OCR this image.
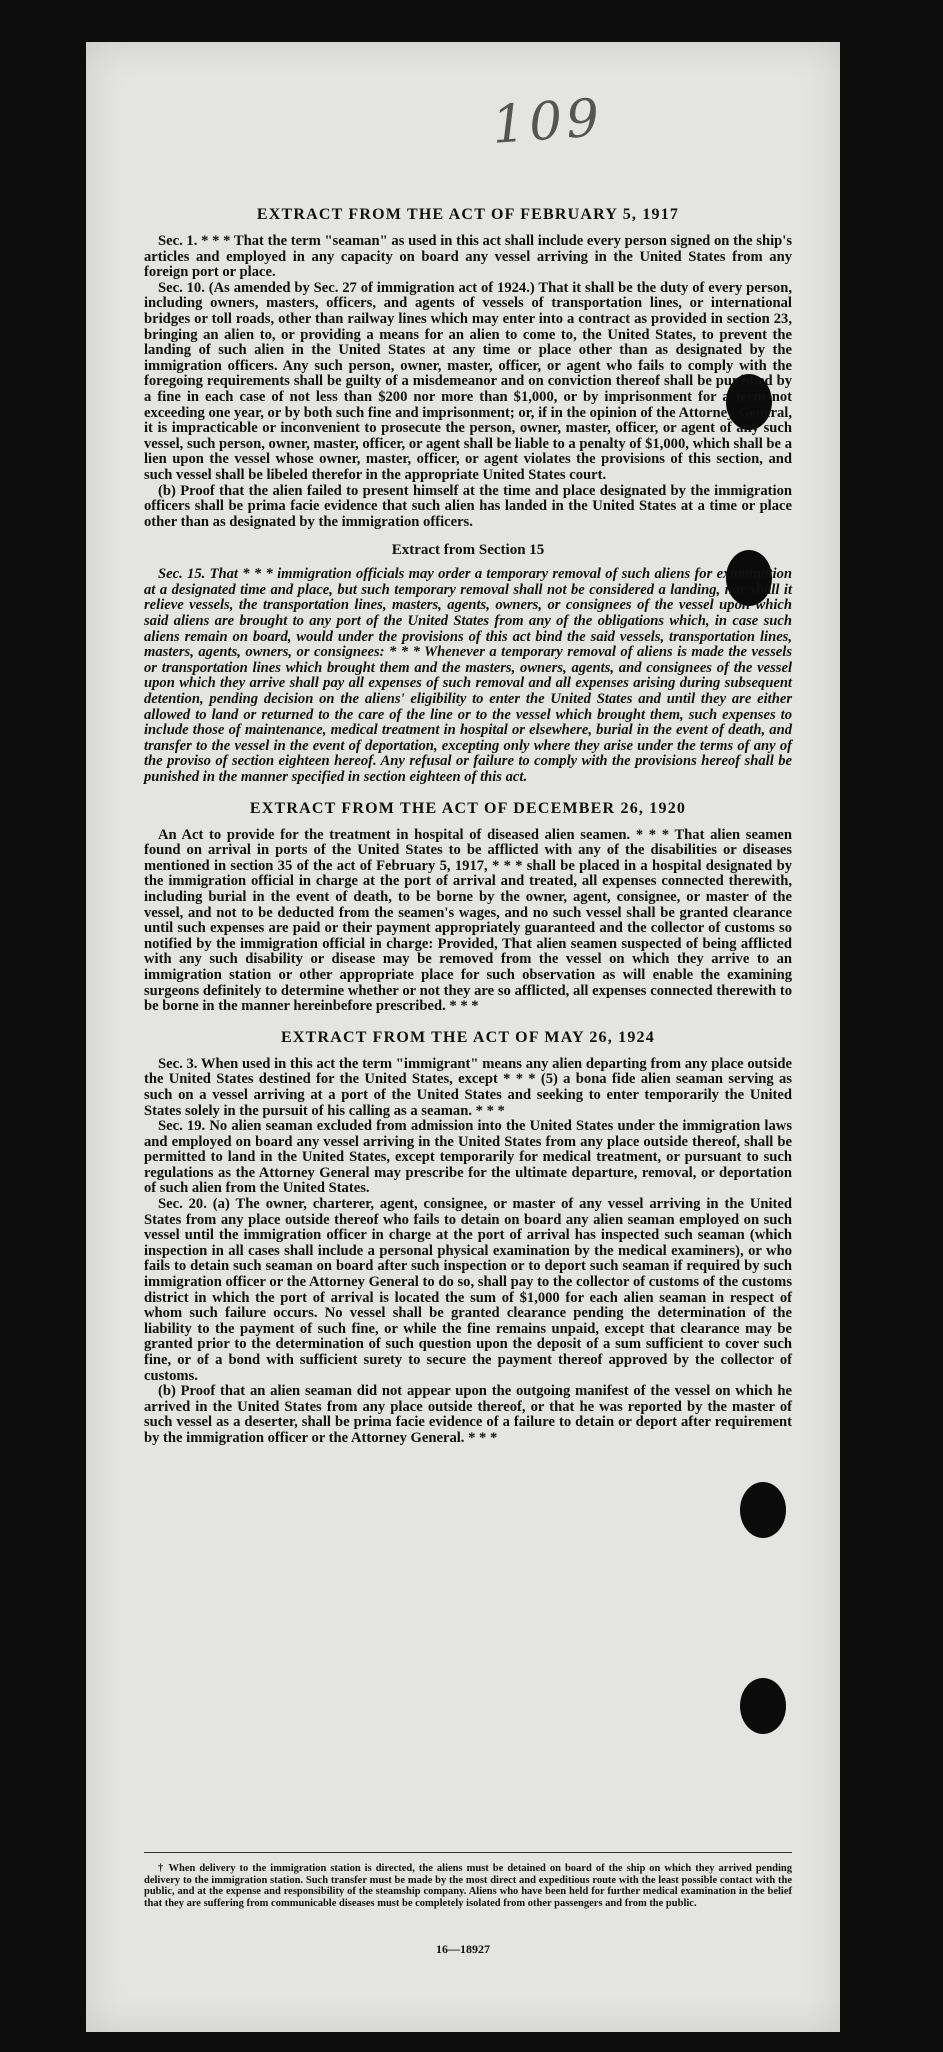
109
EXTRACT FROM THE ACT OF FEBRUARY 5, 1917

Sec. 1. * * * That the term "seaman" as used in this act shall include every person signed on the ship's articles and employed in any capacity on board any vessel arriving in the United States from any foreign port or place.

Sec. 10. (As amended by Sec. 27 of immigration act of 1924.) That it shall be the duty of every person, including owners, masters, officers, and agents of vessels of transportation lines, or international bridges or toll roads, other than railway lines which may enter into a contract as provided in section 23, bringing an alien to, or providing a means for an alien to come to, the United States, to prevent the landing of such alien in the United States at any time or place other than as designated by the immigration officers. Any such person, owner, master, officer, or agent who fails to comply with the foregoing requirements shall be guilty of a misdemeanor and on conviction thereof shall be punished by a fine in each case of not less than $200 nor more than $1,000, or by imprisonment for a term not exceeding one year, or by both such fine and imprisonment; or, if in the opinion of the Attorney General, it is impracticable or inconvenient to prosecute the person, owner, master, officer, or agent of any such vessel, such person, owner, master, officer, or agent shall be liable to a penalty of $1,000, which shall be a lien upon the vessel whose owner, master, officer, or agent violates the provisions of this section, and such vessel shall be libeled therefor in the appropriate United States court.

(b) Proof that the alien failed to present himself at the time and place designated by the immigration officers shall be prima facie evidence that such alien has landed in the United States at a time or place other than as designated by the immigration officers.

Extract from Section 15

Sec. 15. That * * * immigration officials may order a temporary removal of such aliens for examination at a designated time and place, but such temporary removal shall not be considered a landing, nor shall it relieve vessels, the transportation lines, masters, agents, owners, or consignees of the vessel upon which said aliens are brought to any port of the United States from any of the obligations which, in case such aliens remain on board, would under the provisions of this act bind the said vessels, transportation lines, masters, agents, owners, or consignees: * * * Whenever a temporary removal of aliens is made the vessels or transportation lines which brought them and the masters, owners, agents, and consignees of the vessel upon which they arrive shall pay all expenses of such removal and all expenses arising during subsequent detention, pending decision on the aliens' eligibility to enter the United States and until they are either allowed to land or returned to the care of the line or to the vessel which brought them, such expenses to include those of maintenance, medical treatment in hospital or elsewhere, burial in the event of death, and transfer to the vessel in the event of deportation, excepting only where they arise under the terms of any of the proviso of section eighteen hereof. Any refusal or failure to comply with the provisions hereof shall be punished in the manner specified in section eighteen of this act.

EXTRACT FROM THE ACT OF DECEMBER 26, 1920

An Act to provide for the treatment in hospital of diseased alien seamen. * * * That alien seamen found on arrival in ports of the United States to be afflicted with any of the disabilities or diseases mentioned in section 35 of the act of February 5, 1917, * * * shall be placed in a hospital designated by the immigration official in charge at the port of arrival and treated, all expenses connected therewith, including burial in the event of death, to be borne by the owner, agent, consignee, or master of the vessel, and not to be deducted from the seamen's wages, and no such vessel shall be granted clearance until such expenses are paid or their payment appropriately guaranteed and the collector of customs so notified by the immigration official in charge: Provided, That alien seamen suspected of being afflicted with any such disability or disease may be removed from the vessel on which they arrive to an immigration station or other appropriate place for such observation as will enable the examining surgeons definitely to determine whether or not they are so afflicted, all expenses connected therewith to be borne in the manner hereinbefore prescribed. * * *

EXTRACT FROM THE ACT OF MAY 26, 1924

Sec. 3. When used in this act the term "immigrant" means any alien departing from any place outside the United States destined for the United States, except * * * (5) a bona fide alien seaman serving as such on a vessel arriving at a port of the United States and seeking to enter temporarily the United States solely in the pursuit of his calling as a seaman. * * *

Sec. 19. No alien seaman excluded from admission into the United States under the immigration laws and employed on board any vessel arriving in the United States from any place outside thereof, shall be permitted to land in the United States, except temporarily for medical treatment, or pursuant to such regulations as the Attorney General may prescribe for the ultimate departure, removal, or deportation of such alien from the United States.

Sec. 20. (a) The owner, charterer, agent, consignee, or master of any vessel arriving in the United States from any place outside thereof who fails to detain on board any alien seaman employed on such vessel until the immigration officer in charge at the port of arrival has inspected such seaman (which inspection in all cases shall include a personal physical examination by the medical examiners), or who fails to detain such seaman on board after such inspection or to deport such seaman if required by such immigration officer or the Attorney General to do so, shall pay to the collector of customs of the customs district in which the port of arrival is located the sum of $1,000 for each alien seaman in respect of whom such failure occurs. No vessel shall be granted clearance pending the determination of the liability to the payment of such fine, or while the fine remains unpaid, except that clearance may be granted prior to the determination of such question upon the deposit of a sum sufficient to cover such fine, or of a bond with sufficient surety to secure the payment thereof approved by the collector of customs.

(b) Proof that an alien seaman did not appear upon the outgoing manifest of the vessel on which he arrived in the United States from any place outside thereof, or that he was reported by the master of such vessel as a deserter, shall be prima facie evidence of a failure to detain or deport after requirement by the immigration officer or the Attorney General. * * *

† When delivery to the immigration station is directed, the aliens must be detained on board of the ship on which they arrived pending delivery to the immigration station. Such transfer must be made by the most direct and expeditious route with the least possible contact with the public, and at the expense and responsibility of the steamship company. Aliens who have been held for further medical examination in the belief that they are suffering from communicable diseases must be completely isolated from other passengers and from the public.

16—18927
